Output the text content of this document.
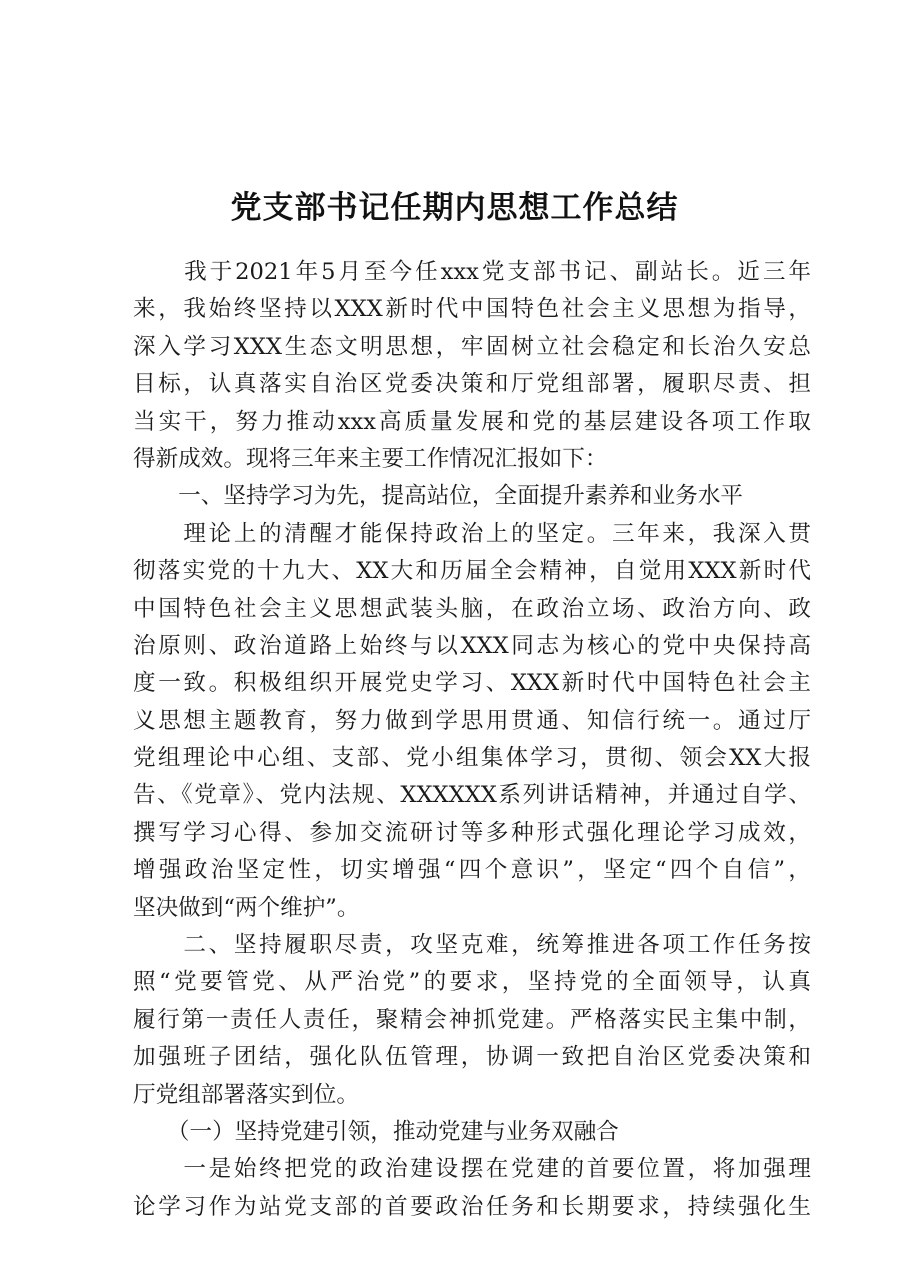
党支部书记任期内思想工作总结
　　我于2021年5月至今任xxx党支部书记、副站长。近三年
来，我始终坚持以XXX新时代中国特色社会主义思想为指导，
深入学习XXX生态文明思想，牢固树立社会稳定和长治久安总
目标，认真落实自治区党委决策和厅党组部署，履职尽责、担
当实干，努力推动xxx高质量发展和党的基层建设各项工作取
得新成效。现将三年来主要工作情况汇报如下：
　　一、坚持学习为先，提高站位，全面提升素养和业务水平
　　理论上的清醒才能保持政治上的坚定。三年来，我深入贯
彻落实党的十九大、XX大和历届全会精神，自觉用XXX新时代
中国特色社会主义思想武装头脑，在政治立场、政治方向、政
治原则、政治道路上始终与以XXX同志为核心的党中央保持高
度一致。积极组织开展党史学习、XXX新时代中国特色社会主
义思想主题教育，努力做到学思用贯通、知信行统一。通过厅
党组理论中心组、支部、党小组集体学习，贯彻、领会XX大报
告、《党章》、党内法规、XXXXXX系列讲话精神，并通过自学、
撰写学习心得、参加交流研讨等多种形式强化理论学习成效，
增强政治坚定性，切实增强“四个意识”，坚定“四个自信”，
坚决做到“两个维护”。
　　二、坚持履职尽责，攻坚克难，统筹推进各项工作任务按
照“党要管党、从严治党”的要求，坚持党的全面领导，认真
履行第一责任人责任，聚精会神抓党建。严格落实民主集中制，
加强班子团结，强化队伍管理，协调一致把自治区党委决策和
厅党组部署落实到位。
　　（一）坚持党建引领，推动党建与业务双融合
　　一是始终把党的政治建设摆在党建的首要位置，将加强理
论学习作为站党支部的首要政治任务和长期要求，持续强化生
